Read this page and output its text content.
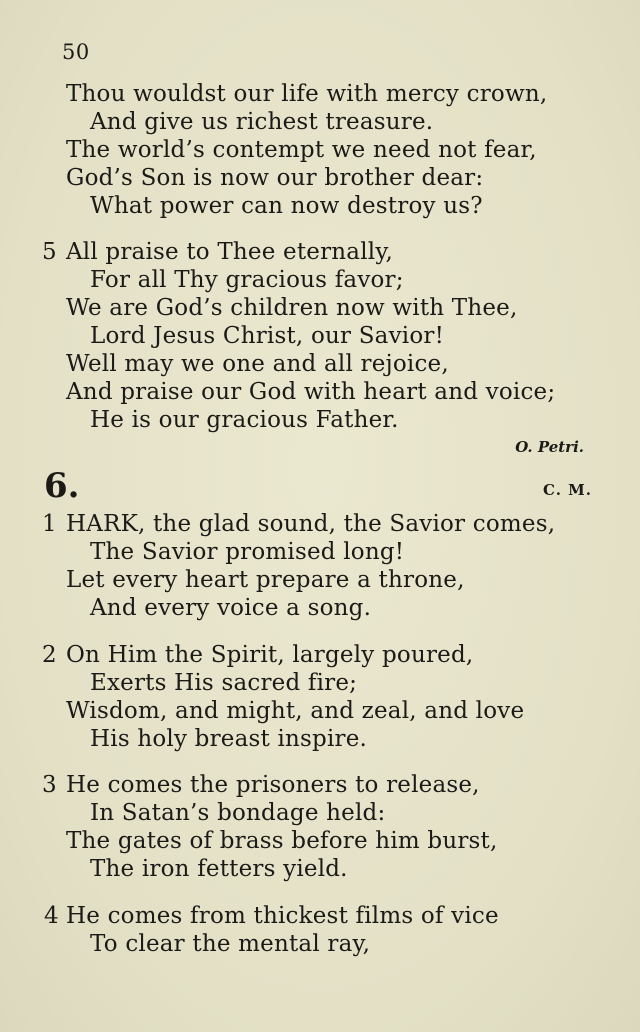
50
Thou wouldst our life with mercy crown,
And give us richest treasure.
The world’s contempt we need not fear,
God’s Son is now our brother dear:
What power can now destroy us?
5 All praise to Thee eternally,
For all Thy gracious favor;
We are God’s children now with Thee,
Lord Jesus Christ, our Savior!
Well may we one and all rejoice,
And praise our God with heart and voice;
He is our gracious Father.
O. Petri.
6.	C. M.
1 HARK, the glad sound, the Savior comes,
The Savior promised long!
Let every heart prepare a throne,
And every voice a song.
2 On Him the Spirit, largely poured,
Exerts His sacred fire;
Wisdom, and might, and zeal, and love
His holy breast inspire.
3 He comes the prisoners to release,
In Satan’s bondage held:
The gates of brass before him burst,
The iron fetters yield.
4 He comes from thickest films of vice
To clear the mental ray,
